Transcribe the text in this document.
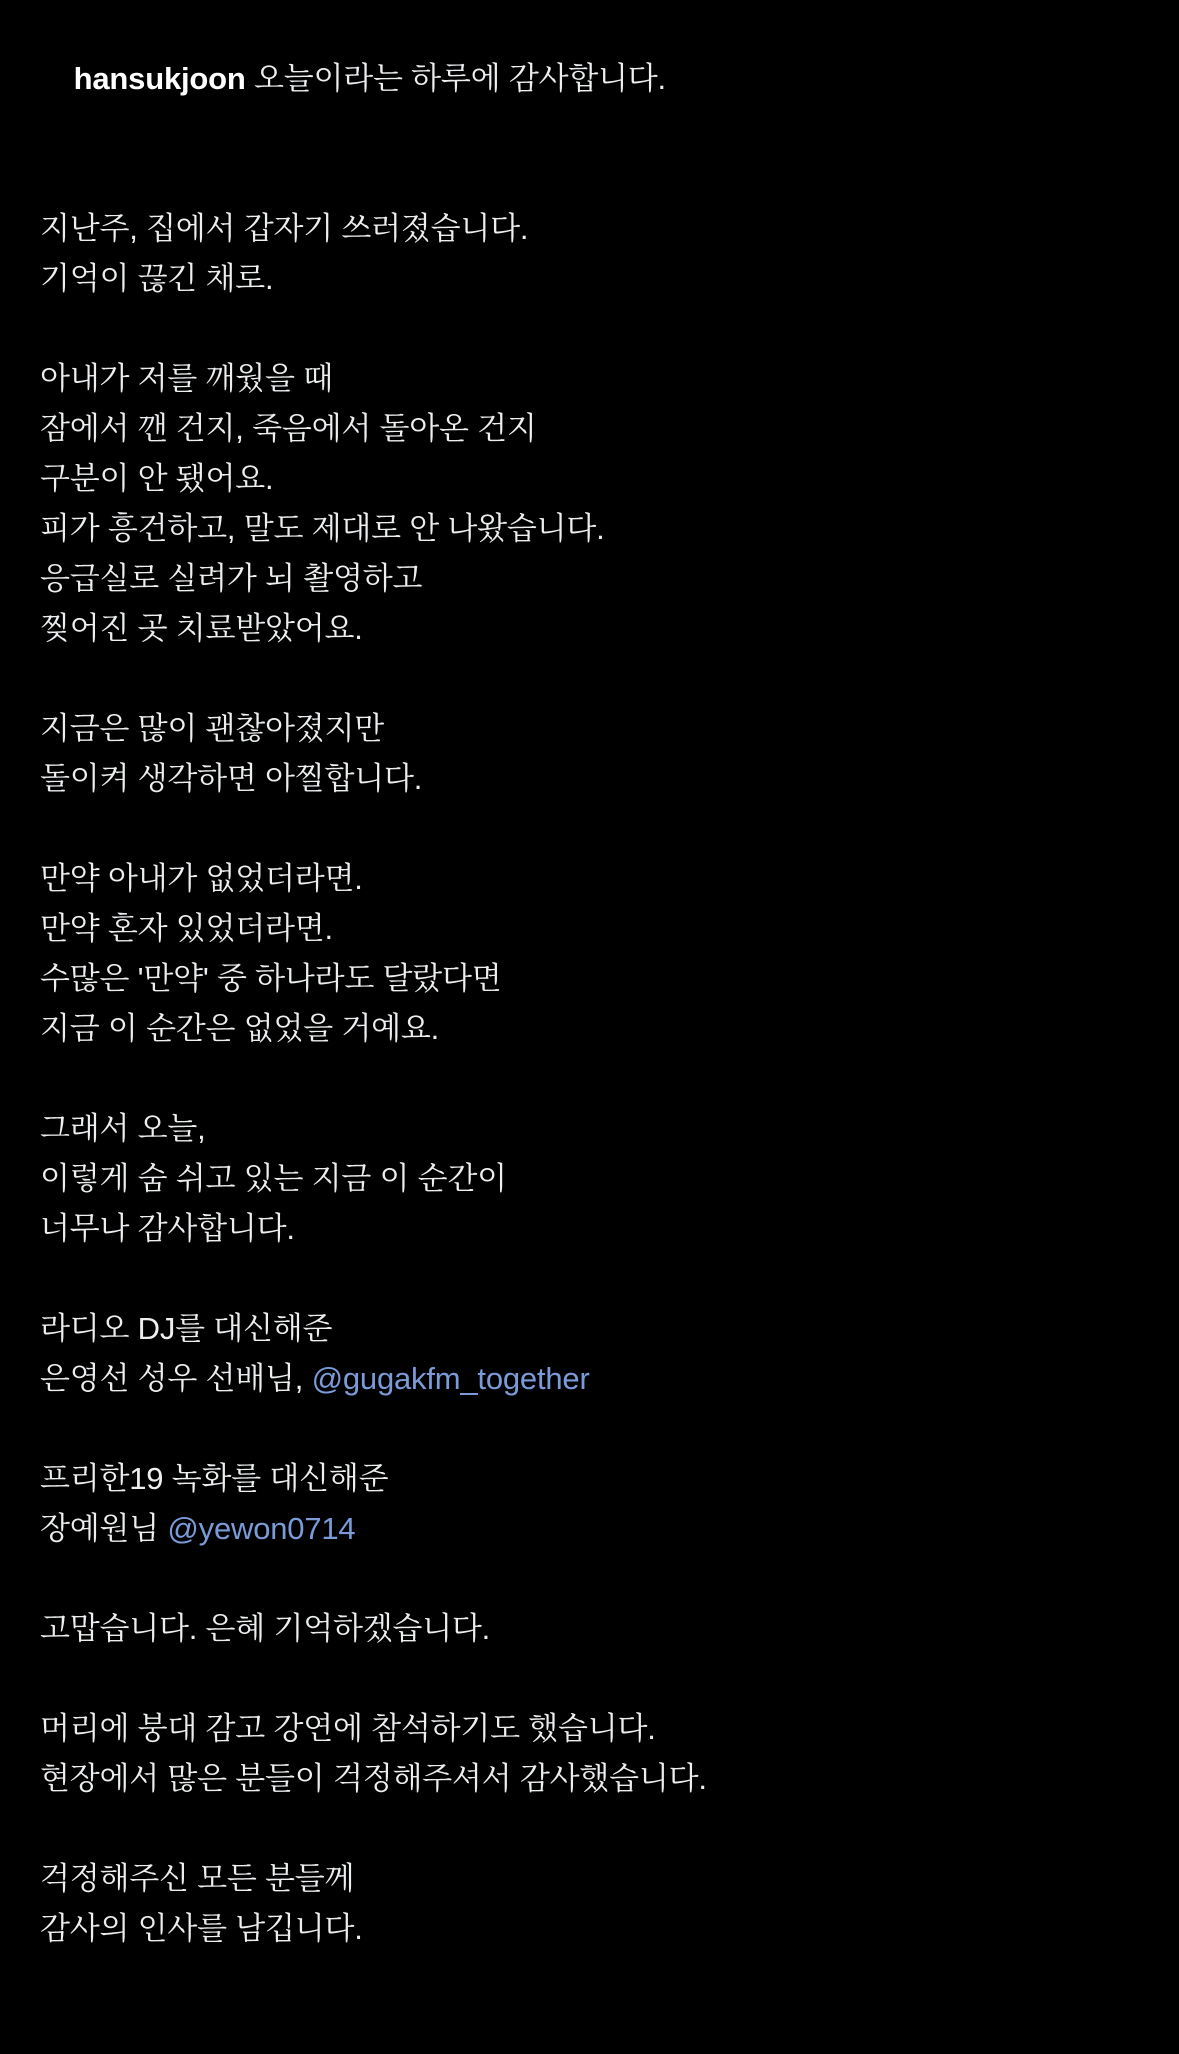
hansukjoon 오늘이라는 하루에 감사합니다.

지난주, 집에서 갑자기 쓰러졌습니다.
기억이 끊긴 채로.
아내가 저를 깨웠을 때
잠에서 깬 건지, 죽음에서 돌아온 건지
구분이 안 됐어요.
피가 흥건하고, 말도 제대로 안 나왔습니다.
응급실로 실려가 뇌 촬영하고
찢어진 곳 치료받았어요.
지금은 많이 괜찮아졌지만
돌이켜 생각하면 아찔합니다.
만약 아내가 없었더라면.
만약 혼자 있었더라면.
수많은 '만약' 중 하나라도 달랐다면
지금 이 순간은 없었을 거예요.
그래서 오늘,
이렇게 숨 쉬고 있는 지금 이 순간이
너무나 감사합니다.
라디오 DJ를 대신해준
은영선 성우 선배님, @gugakfm_together
프리한19 녹화를 대신해준
장예원님 @yewon0714
고맙습니다. 은혜 기억하겠습니다.
머리에 붕대 감고 강연에 참석하기도 했습니다.
현장에서 많은 분들이 걱정해주셔서 감사했습니다.
걱정해주신 모든 분들께
감사의 인사를 남깁니다.
